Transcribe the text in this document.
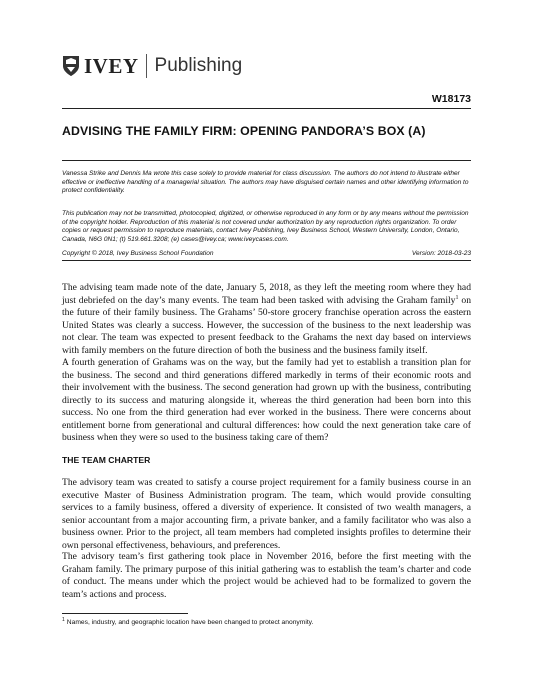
IVEY Publishing
W18173
ADVISING THE FAMILY FIRM: OPENING PANDORA’S BOX (A)
Vanessa Strike and Dennis Ma wrote this case solely to provide material for class discussion. The authors do not intend to illustrate either effective or ineffective handling of a managerial situation. The authors may have disguised certain names and other identifying information to protect confidentiality.
This publication may not be transmitted, photocopied, digitized, or otherwise reproduced in any form or by any means without the permission of the copyright holder. Reproduction of this material is not covered under authorization by any reproduction rights organization. To order copies or request permission to reproduce materials, contact Ivey Publishing, Ivey Business School, Western University, London, Ontario, Canada, N6G 0N1; (t) 519.661.3208; (e) cases@ivey.ca; www.iveycases.com.
Copyright © 2018, Ivey Business School Foundation	Version: 2018-03-23
The advising team made note of the date, January 5, 2018, as they left the meeting room where they had just debriefed on the day’s many events. The team had been tasked with advising the Graham family$^1$ on the future of their family business. The Grahams’ 50-store grocery franchise operation across the eastern United States was clearly a success. However, the succession of the business to the next leadership was not clear. The team was expected to present feedback to the Grahams the next day based on interviews with family members on the future direction of both the business and the business family itself.
A fourth generation of Grahams was on the way, but the family had yet to establish a transition plan for the business. The second and third generations differed markedly in terms of their economic roots and their involvement with the business. The second generation had grown up with the business, contributing directly to its success and maturing alongside it, whereas the third generation had been born into this success. No one from the third generation had ever worked in the business. There were concerns about entitlement borne from generational and cultural differences: how could the next generation take care of business when they were so used to the business taking care of them?
THE TEAM CHARTER
The advisory team was created to satisfy a course project requirement for a family business course in an executive Master of Business Administration program. The team, which would provide consulting services to a family business, offered a diversity of experience. It consisted of two wealth managers, a senior accountant from a major accounting firm, a private banker, and a family facilitator who was also a business owner. Prior to the project, all team members had completed insights profiles to determine their own personal effectiveness, behaviours, and preferences.
The advisory team’s first gathering took place in November 2016, before the first meeting with the Graham family. The primary purpose of this initial gathering was to establish the team’s charter and code of conduct. The means under which the project would be achieved had to be formalized to govern the team’s actions and process.
$^1$ Names, industry, and geographic location have been changed to protect anonymity.
